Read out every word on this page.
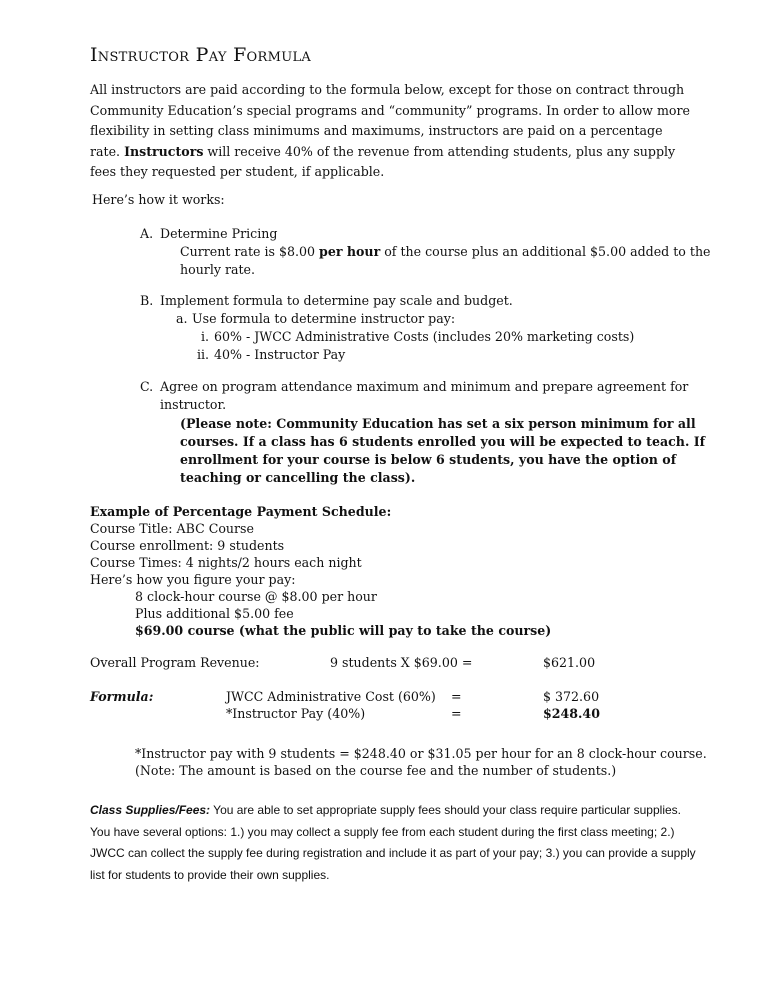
Instructor Pay Formula
All instructors are paid according to the formula below, except for those on contract through Community Education’s special programs and “community” programs. In order to allow more flexibility in setting class minimums and maximums, instructors are paid on a percentage rate. Instructors will receive 40% of the revenue from attending students, plus any supply fees they requested per student, if applicable.
Here’s how it works:
A. Determine Pricing
Current rate is $8.00 per hour of the course plus an additional $5.00 added to the
hourly rate.
B. Implement formula to determine pay scale and budget.
a. Use formula to determine instructor pay:
i. 60% - JWCC Administrative Costs (includes 20% marketing costs)
ii. 40% - Instructor Pay
C. Agree on program attendance maximum and minimum and prepare agreement for
instructor.
(Please note: Community Education has set a six person minimum for all
courses. If a class has 6 students enrolled you will be expected to teach. If
enrollment for your course is below 6 students, you have the option of
teaching or cancelling the class).
Example of Percentage Payment Schedule:
Course Title: ABC Course
Course enrollment: 9 students
Course Times: 4 nights/2 hours each night
Here’s how you figure your pay:
8 clock-hour course @ $8.00 per hour
Plus additional $5.00 fee
$69.00 course (what the public will pay to take the course)
Overall Program Revenue:	9 students X $69.00 =	$621.00
Formula:	JWCC Administrative Cost (60%) =	$ 372.60
*Instructor Pay (40%)	=	$248.40
*Instructor pay with 9 students = $248.40 or $31.05 per hour for an 8 clock-hour course.
(Note: The amount is based on the course fee and the number of students.)
Class Supplies/Fees: You are able to set appropriate supply fees should your class require particular supplies. You have several options: 1.) you may collect a supply fee from each student during the first class meeting; 2.) JWCC can collect the supply fee during registration and include it as part of your pay; 3.) you can provide a supply list for students to provide their own supplies.
